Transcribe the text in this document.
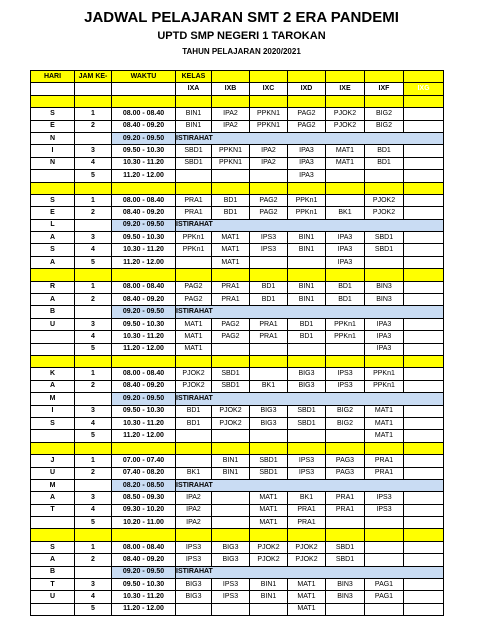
JADWAL PELAJARAN SMT 2 ERA PANDEMI
UPTD SMP NEGERI 1 TAROKAN
TAHUN PELAJARAN 2020/2021
HARI	JAM KE-	WAKTU	KELAS						
			IXA	IXB	IXC	IXD	IXE	IXF	IXG

S	1	08.00 - 08.40	BIN1	IPA2	PPKN1	PAG2	PJOK2	BIG2	
E	2	08.40 - 09.20	BIN1	IPA2	PPKN1	PAG2	PJOK2	BIG2	
N		09.20 - 09.50	ISTIRAHAT						
I	3	09.50 - 10.30	SBD1	PPKN1	IPA2	IPA3	MAT1	BD1	
N	4	10.30 - 11.20	SBD1	PPKN1	IPA2	IPA3	MAT1	BD1	
	5	11.20 - 12.00				IPA3			

S	1	08.00 - 08.40	PRA1	BD1	PAG2	PPKn1		PJOK2	
E	2	08.40 - 09.20	PRA1	BD1	PAG2	PPKn1	BK1	PJOK2	
L		09.20 - 09.50	ISTIRAHAT						
A	3	09.50 - 10.30	PPKn1	MAT1	IPS3	BIN1	IPA3	SBD1	
S	4	10.30 - 11.20	PPKn1	MAT1	IPS3	BIN1	IPA3	SBD1	
A	5	11.20 - 12.00		MAT1			IPA3		

R	1	08.00 - 08.40	PAG2	PRA1	BD1	BIN1	BD1	BIN3	
A	2	08.40 - 09.20	PAG2	PRA1	BD1	BIN1	BD1	BIN3	
B		09.20 - 09.50	ISTIRAHAT						
U	3	09.50 - 10.30	MAT1	PAG2	PRA1	BD1	PPKn1	IPA3	
	4	10.30 - 11.20	MAT1	PAG2	PRA1	BD1	PPKn1	IPA3	
	5	11.20 - 12.00	MAT1					IPA3	

K	1	08.00 - 08.40	PJOK2	SBD1		BIG3	IPS3	PPKn1	
A	2	08.40 - 09.20	PJOK2	SBD1	BK1	BIG3	IPS3	PPKn1	
M		09.20 - 09.50	ISTIRAHAT						
I	3	09.50 - 10.30	BD1	PJOK2	BIG3	SBD1	BIG2	MAT1	
S	4	10.30 - 11.20	BD1	PJOK2	BIG3	SBD1	BIG2	MAT1	
	5	11.20 - 12.00						MAT1	

J	1	07.00 - 07.40		BIN1	SBD1	IPS3	PAG3	PRA1	
U	2	07.40 - 08.20	BK1	BIN1	SBD1	IPS3	PAG3	PRA1	
M		08.20 - 08.50	ISTIRAHAT						
A	3	08.50 - 09.30	IPA2		MAT1	BK1	PRA1	IPS3	
T	4	09.30 - 10.20	IPA2		MAT1	PRA1	PRA1	IPS3	
	5	10.20 - 11.00	IPA2		MAT1	PRA1			

S	1	08.00 - 08.40	IPS3	BIG3	PJOK2	PJOK2	SBD1		
A	2	08.40 - 09.20	IPS3	BIG3	PJOK2	PJOK2	SBD1		
B		09.20 - 09.50	ISTIRAHAT						
T	3	09.50 - 10.30	BIG3	IPS3	BIN1	MAT1	BIN3	PAG1	
U	4	10.30 - 11.20	BIG3	IPS3	BIN1	MAT1	BIN3	PAG1	
	5	11.20 - 12.00				MAT1			
